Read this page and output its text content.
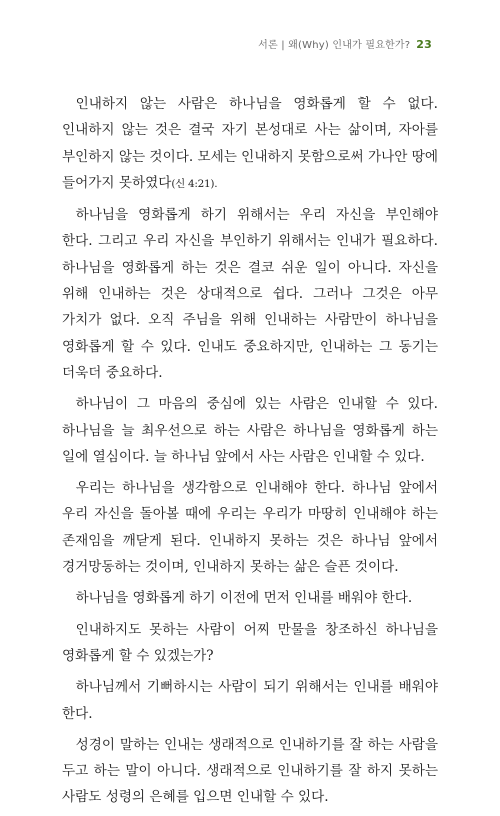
서론 | 왜(Why) 인내가 필요한가? 23

인내하지 않는 사람은 하나님을 영화롭게 할 수 없다. 인내하지 않는 것은 결국 자기 본성대로 사는 삶이며, 자아를 부인하지 않는 것이다. 모세는 인내하지 못함으로써 가나안 땅에 들어가지 못하였다(신 4:21).

하나님을 영화롭게 하기 위해서는 우리 자신을 부인해야 한다. 그리고 우리 자신을 부인하기 위해서는 인내가 필요하다. 하나님을 영화롭게 하는 것은 결코 쉬운 일이 아니다. 자신을 위해 인내하는 것은 상대적으로 쉽다. 그러나 그것은 아무 가치가 없다. 오직 주님을 위해 인내하는 사람만이 하나님을 영화롭게 할 수 있다. 인내도 중요하지만, 인내하는 그 동기는 더욱더 중요하다.

하나님이 그 마음의 중심에 있는 사람은 인내할 수 있다. 하나님을 늘 최우선으로 하는 사람은 하나님을 영화롭게 하는 일에 열심이다. 늘 하나님 앞에서 사는 사람은 인내할 수 있다.

우리는 하나님을 생각함으로 인내해야 한다. 하나님 앞에서 우리 자신을 돌아볼 때에 우리는 우리가 마땅히 인내해야 하는 존재임을 깨닫게 된다. 인내하지 못하는 것은 하나님 앞에서 경거망동하는 것이며, 인내하지 못하는 삶은 슬픈 것이다.

하나님을 영화롭게 하기 이전에 먼저 인내를 배워야 한다.

인내하지도 못하는 사람이 어찌 만물을 창조하신 하나님을 영화롭게 할 수 있겠는가?

하나님께서 기뻐하시는 사람이 되기 위해서는 인내를 배워야 한다.

성경이 말하는 인내는 생래적으로 인내하기를 잘 하는 사람을 두고 하는 말이 아니다. 생래적으로 인내하기를 잘 하지 못하는 사람도 성령의 은혜를 입으면 인내할 수 있다.
